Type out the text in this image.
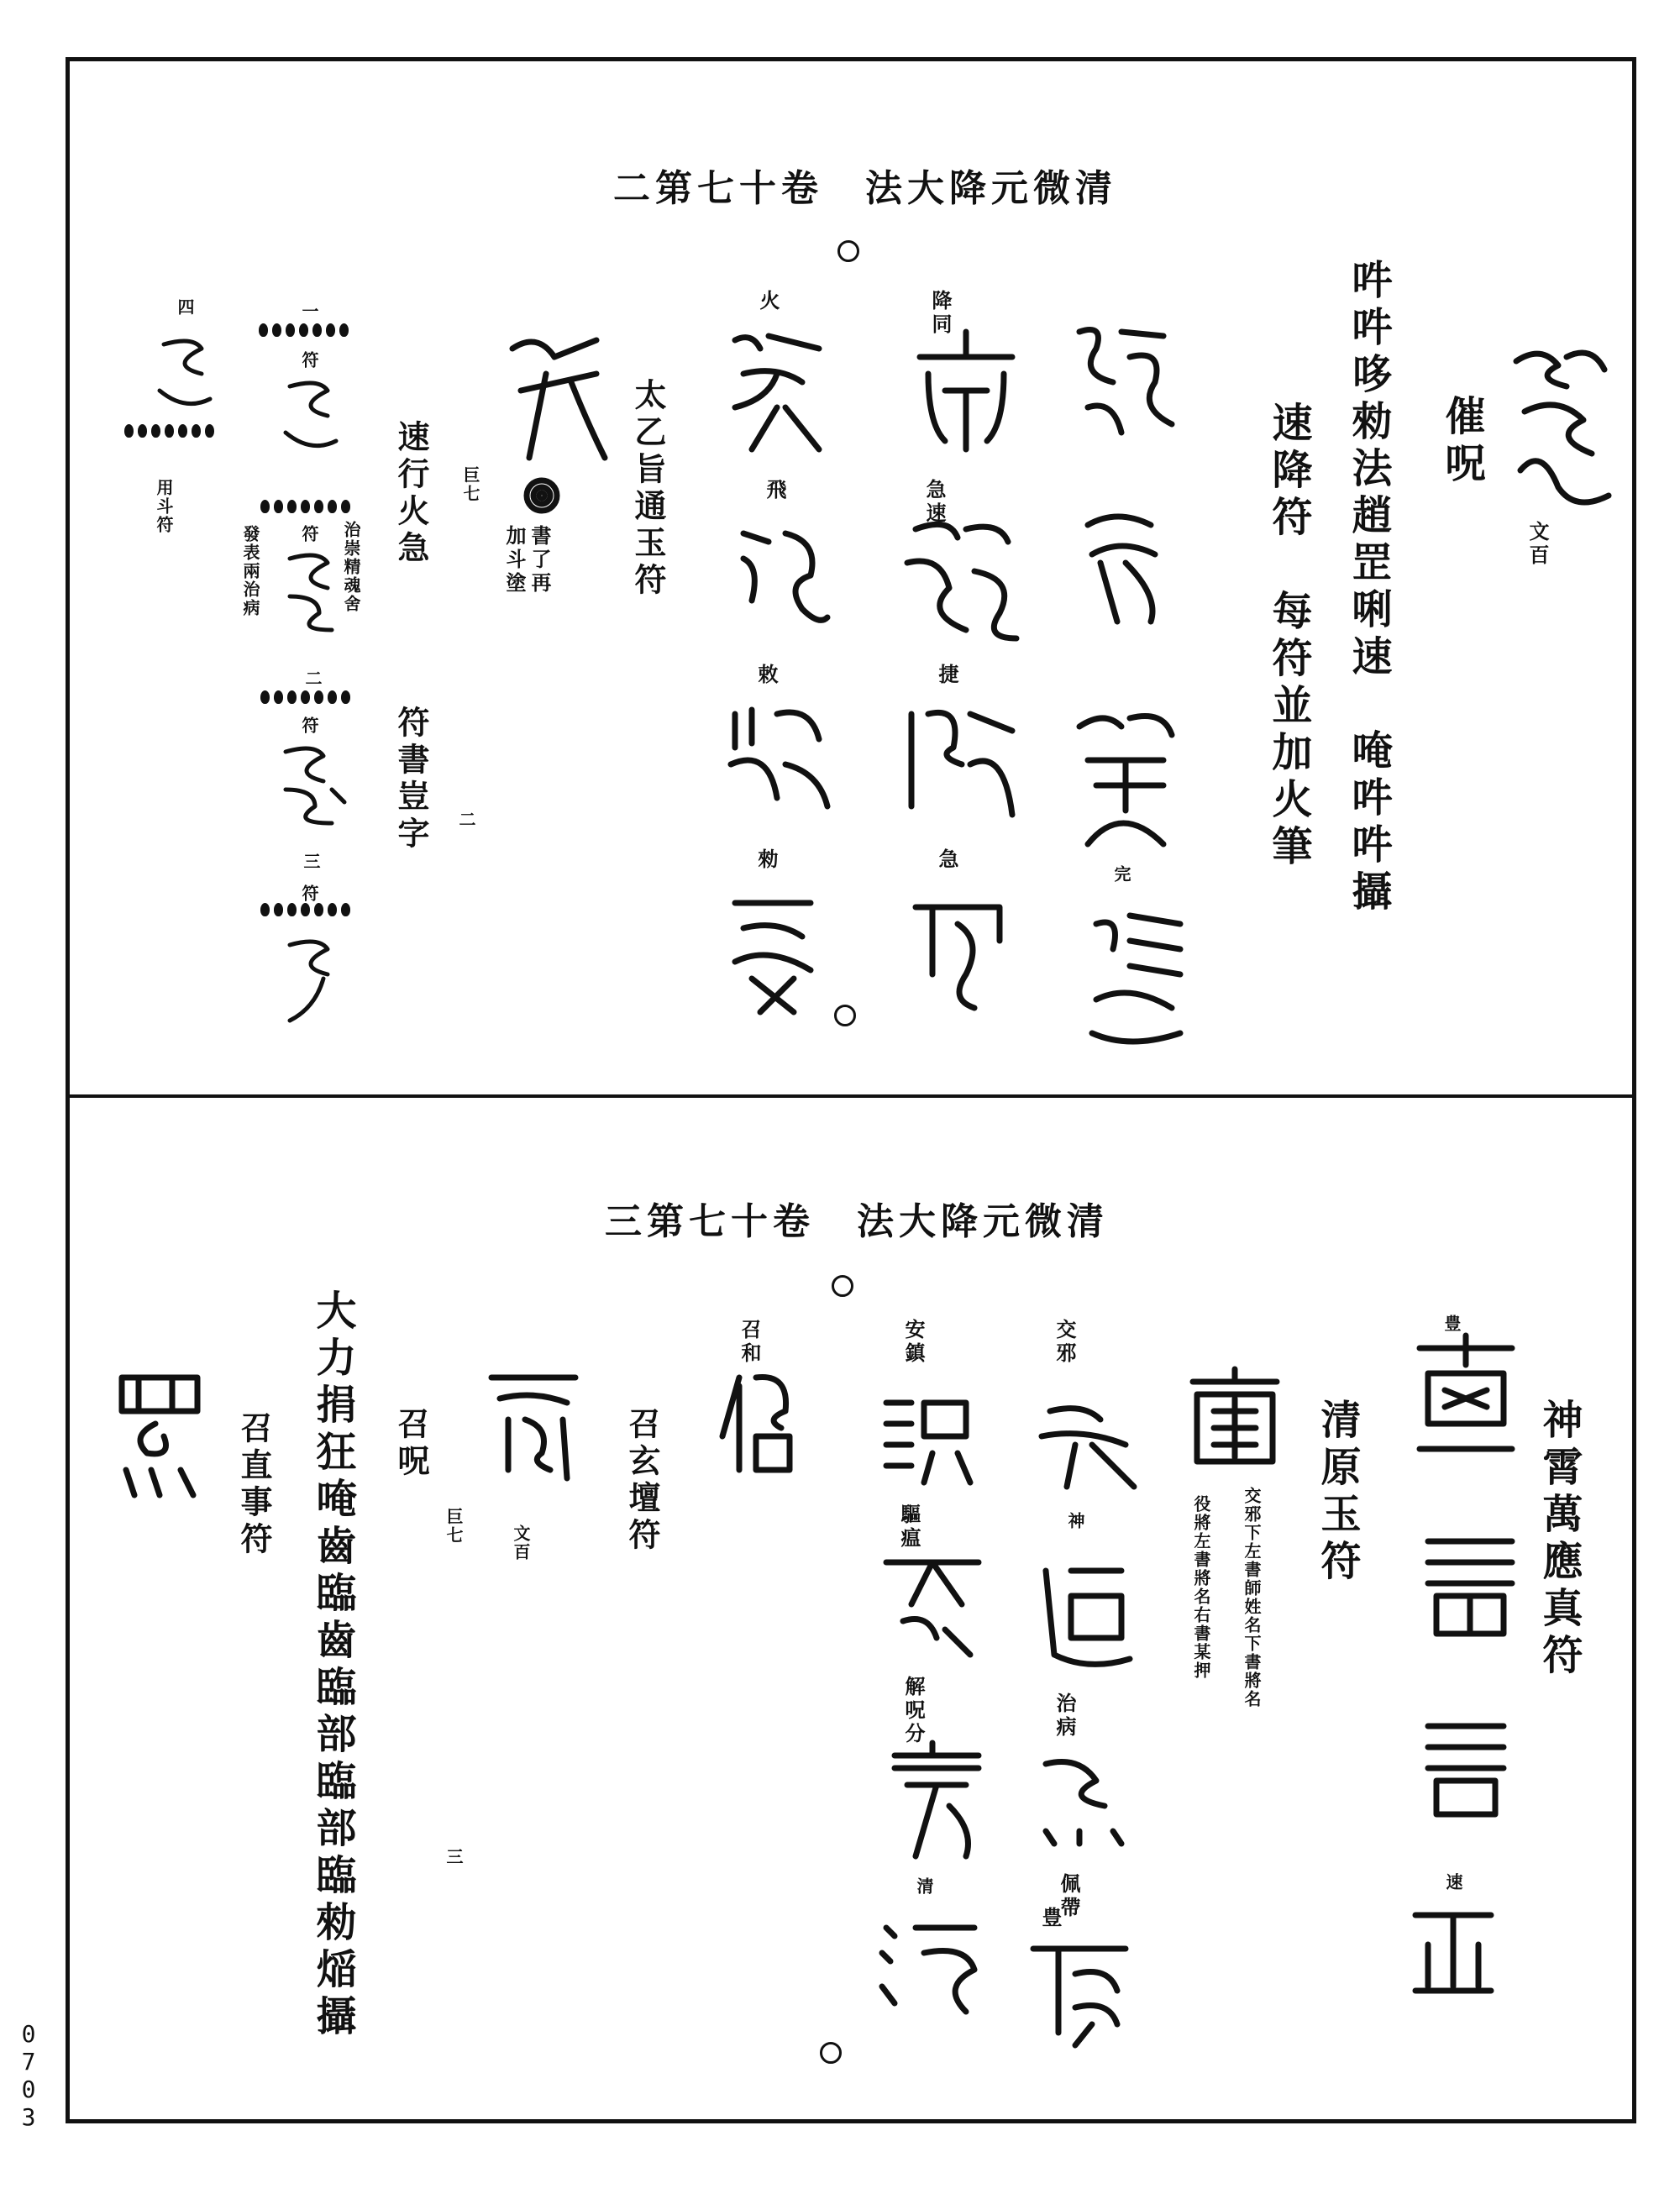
0
7
0
3
二第七十卷　法大降元微清
文百
催呪
吽吽哆勑法趙罡唎速　唵吽吽攝
速降符　每符並加火筆
完
降同
急速
捷
急
火
飛
敕
勑
書了再
加斗塗
巨七	太乙旨通玉符
速行火急
符書豈字 二
一
符
符 治崇精魂舍
發表兩治病
二
符
三
符
四
用斗符
三第七十卷　法大降元微清
神霄萬應真符
豊
速
清原玉符
交邪下左書師姓名下書將名
役將左書將名右書某押
交邪
神
治病
佩帶
豊
安鎮
驅瘟
解呪分
清
召和
召玄壇符
文百
巨七
三
召呪
大力捐狂唵齒臨齒臨部臨部臨勑㷔攝
召直事符
